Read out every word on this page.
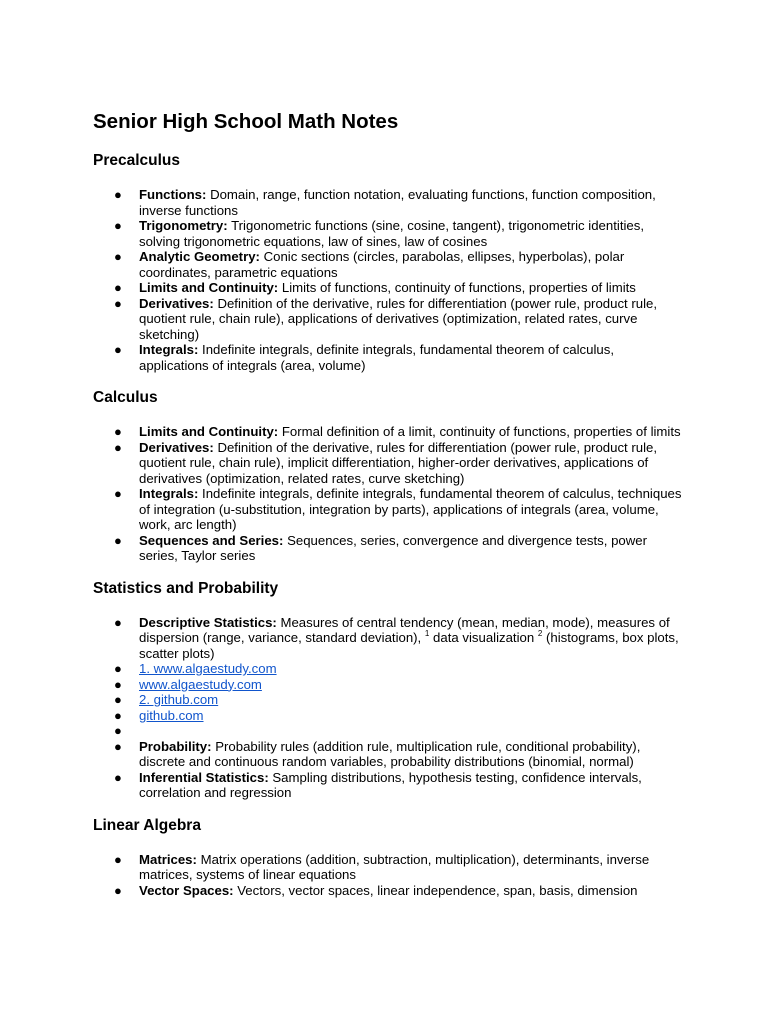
Senior High School Math Notes
Precalculus
● Functions: Domain, range, function notation, evaluating functions, function composition, inverse functions
● Trigonometry: Trigonometric functions (sine, cosine, tangent), trigonometric identities, solving trigonometric equations, law of sines, law of cosines
● Analytic Geometry: Conic sections (circles, parabolas, ellipses, hyperbolas), polar coordinates, parametric equations
● Limits and Continuity: Limits of functions, continuity of functions, properties of limits
● Derivatives: Definition of the derivative, rules for differentiation (power rule, product rule, quotient rule, chain rule), applications of derivatives (optimization, related rates, curve sketching)
● Integrals: Indefinite integrals, definite integrals, fundamental theorem of calculus, applications of integrals (area, volume)
Calculus
● Limits and Continuity: Formal definition of a limit, continuity of functions, properties of limits
● Derivatives: Definition of the derivative, rules for differentiation (power rule, product rule, quotient rule, chain rule), implicit differentiation, higher-order derivatives, applications of derivatives (optimization, related rates, curve sketching)
● Integrals: Indefinite integrals, definite integrals, fundamental theorem of calculus, techniques of integration (u-substitution, integration by parts), applications of integrals (area, volume, work, arc length)
● Sequences and Series: Sequences, series, convergence and divergence tests, power series, Taylor series
Statistics and Probability
● Descriptive Statistics: Measures of central tendency (mean, median, mode), measures of dispersion (range, variance, standard deviation), $^1$ data visualization $^2$ (histograms, box plots, scatter plots)
● 1. www.algaestudy.com
● www.algaestudy.com
● 2. github.com
● github.com
●

● Probability: Probability rules (addition rule, multiplication rule, conditional probability), discrete and continuous random variables, probability distributions (binomial, normal)
● Inferential Statistics: Sampling distributions, hypothesis testing, confidence intervals, correlation and regression
Linear Algebra
● Matrices: Matrix operations (addition, subtraction, multiplication), determinants, inverse matrices, systems of linear equations
● Vector Spaces: Vectors, vector spaces, linear independence, span, basis, dimension
